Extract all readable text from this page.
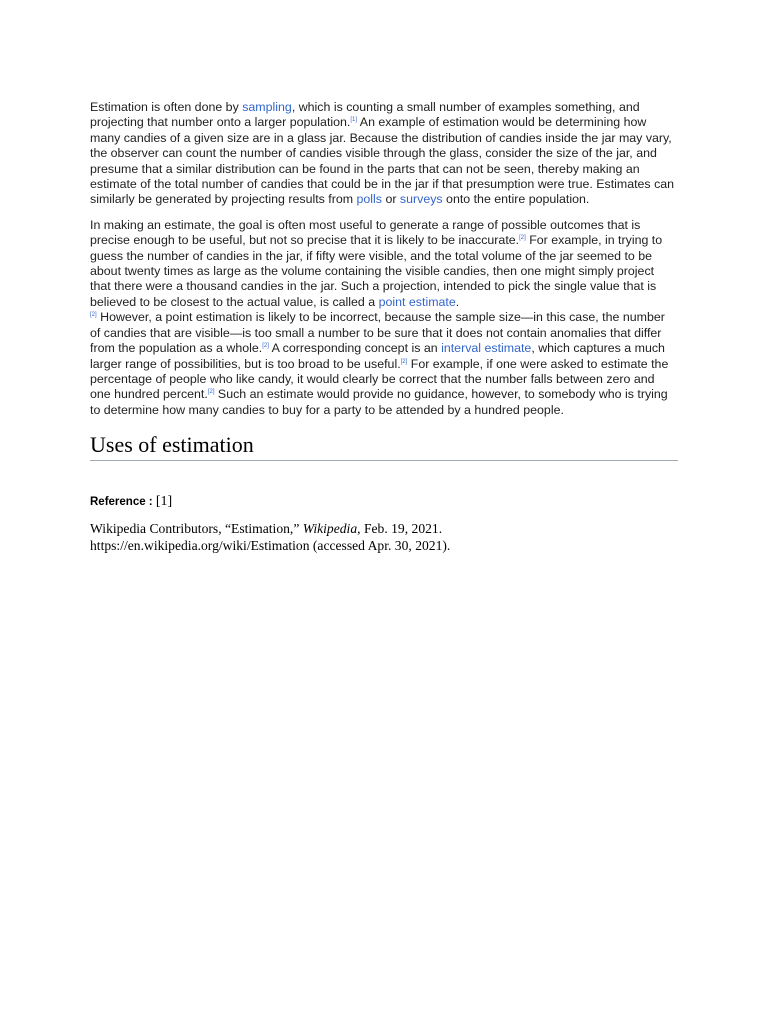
Estimation is often done by sampling, which is counting a small number of examples something, and projecting that number onto a larger population.[1] An example of estimation would be determining how many candies of a given size are in a glass jar. Because the distribution of candies inside the jar may vary, the observer can count the number of candies visible through the glass, consider the size of the jar, and presume that a similar distribution can be found in the parts that can not be seen, thereby making an estimate of the total number of candies that could be in the jar if that presumption were true. Estimates can similarly be generated by projecting results from polls or surveys onto the entire population.

In making an estimate, the goal is often most useful to generate a range of possible outcomes that is precise enough to be useful, but not so precise that it is likely to be inaccurate.[2] For example, in trying to guess the number of candies in the jar, if fifty were visible, and the total volume of the jar seemed to be about twenty times as large as the volume containing the visible candies, then one might simply project that there were a thousand candies in the jar. Such a projection, intended to pick the single value that is believed to be closest to the actual value, is called a point estimate.
[2] However, a point estimation is likely to be incorrect, because the sample size—in this case, the number of candies that are visible—is too small a number to be sure that it does not contain anomalies that differ from the population as a whole.[2] A corresponding concept is an interval estimate, which captures a much larger range of possibilities, but is too broad to be useful.[2] For example, if one were asked to estimate the percentage of people who like candy, it would clearly be correct that the number falls between zero and one hundred percent.[2] Such an estimate would provide no guidance, however, to somebody who is trying to determine how many candies to buy for a party to be attended by a hundred people.

Uses of estimation
Reference : [1]
Wikipedia Contributors, “Estimation,” Wikipedia, Feb. 19, 2021.
https://en.wikipedia.org/wiki/Estimation (accessed Apr. 30, 2021).
